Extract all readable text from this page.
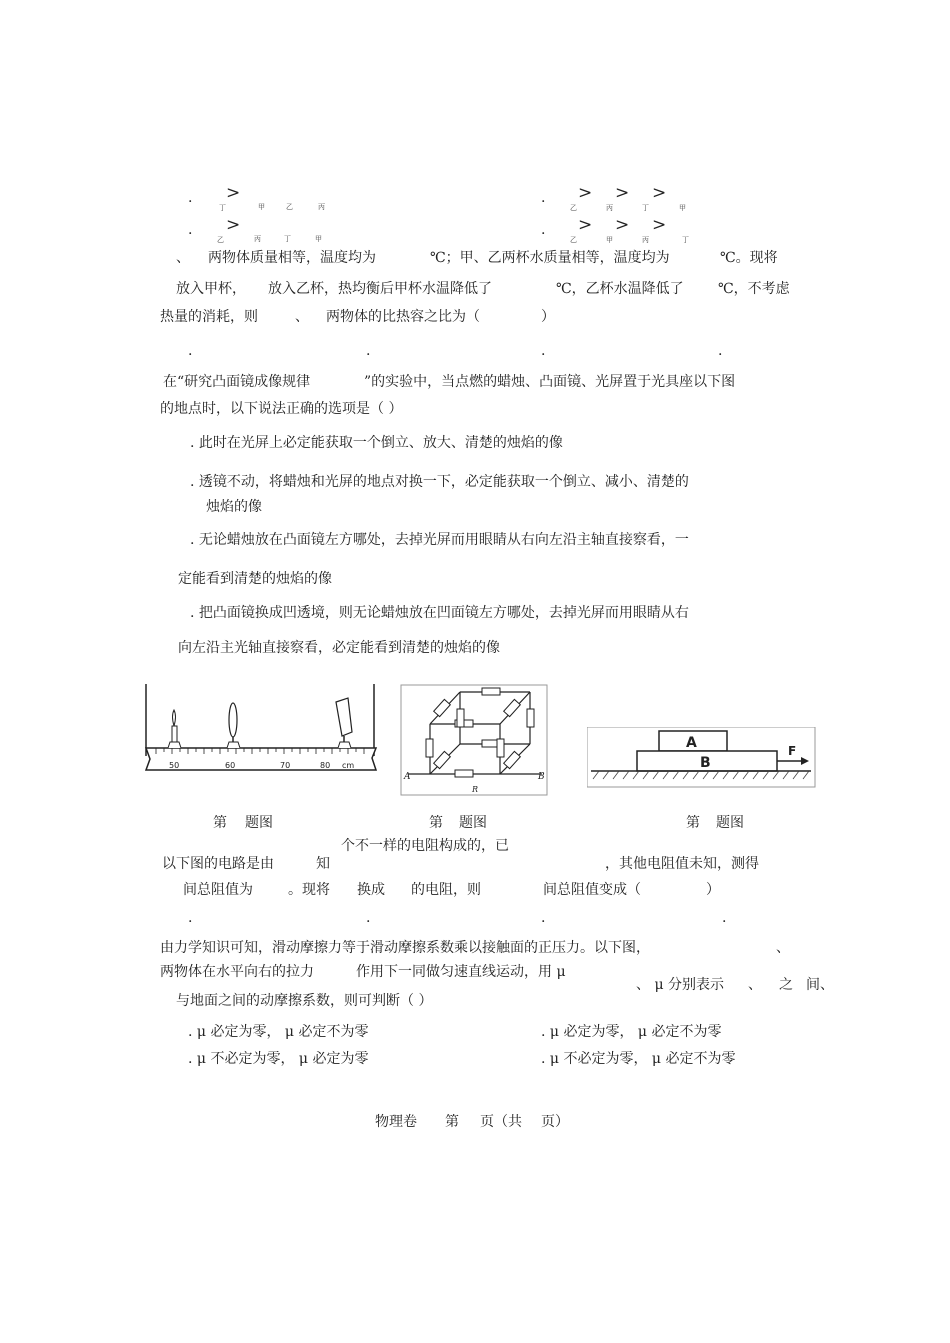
. >
丁	甲	乙	丙
. > > >
乙	丙	丁	甲
. >
乙	丙	丁	甲
. > > >
乙	甲	丙	丁
、 两物体质量相等，温度均为	℃；甲、乙两杯水质量相等，温度均为	℃。现将
放入甲杯， 放入乙杯，热均衡后甲杯水温降低了	℃，乙杯水温降低了 ℃，不考虑
热量的消耗，则	、 两物体的比热容之比为（	）
.	.	.	.
在“研究凸面镜成像规律	”的实验中，当点燃的蜡烛、凸面镜、光屏置于光具座以下图
的地点时，以下说法正确的选项是（ ）
. 此时在光屏上必定能获取一个倒立、放大、清楚的烛焰的像
. 透镜不动，将蜡烛和光屏的地点对换一下，必定能获取一个倒立、减小、清楚的
烛焰的像
. 无论蜡烛放在凸面镜左方哪处，去掉光屏而用眼睛从右向左沿主轴直接察看，一
定能看到清楚的烛焰的像
. 把凸面镜换成凹透境，则无论蜡烛放在凹面镜左方哪处，去掉光屏而用眼睛从右
向左沿主光轴直接察看，必定能看到清楚的烛焰的像
50	60	70	80 cm
A	B
R
A
B
F
第 题图	第 题图	第 题图
个不一样的电阻构成的，已
以下图的电路是由	知	，其他电阻值未知，测得
间总阻值为	。现将 换成 的电阻，则	间总阻值变成（	）
.	.	.	.
由力学知识可知，滑动摩擦力等于滑动摩擦系数乘以接触面的正压力。以下图，	、
两物体在水平向右的拉力	作用下一同做匀速直线运动，用 μ
、 μ 分别表示 、 之 间、
与地面之间的动摩擦系数，则可判断（ ）
. μ 必定为零， μ 必定不为零	. μ 必定为零， μ 必定不为零
. μ 不必定为零， μ 必定为零	. μ 不必定为零， μ 必定不为零
物理卷 第 页（共 页）
